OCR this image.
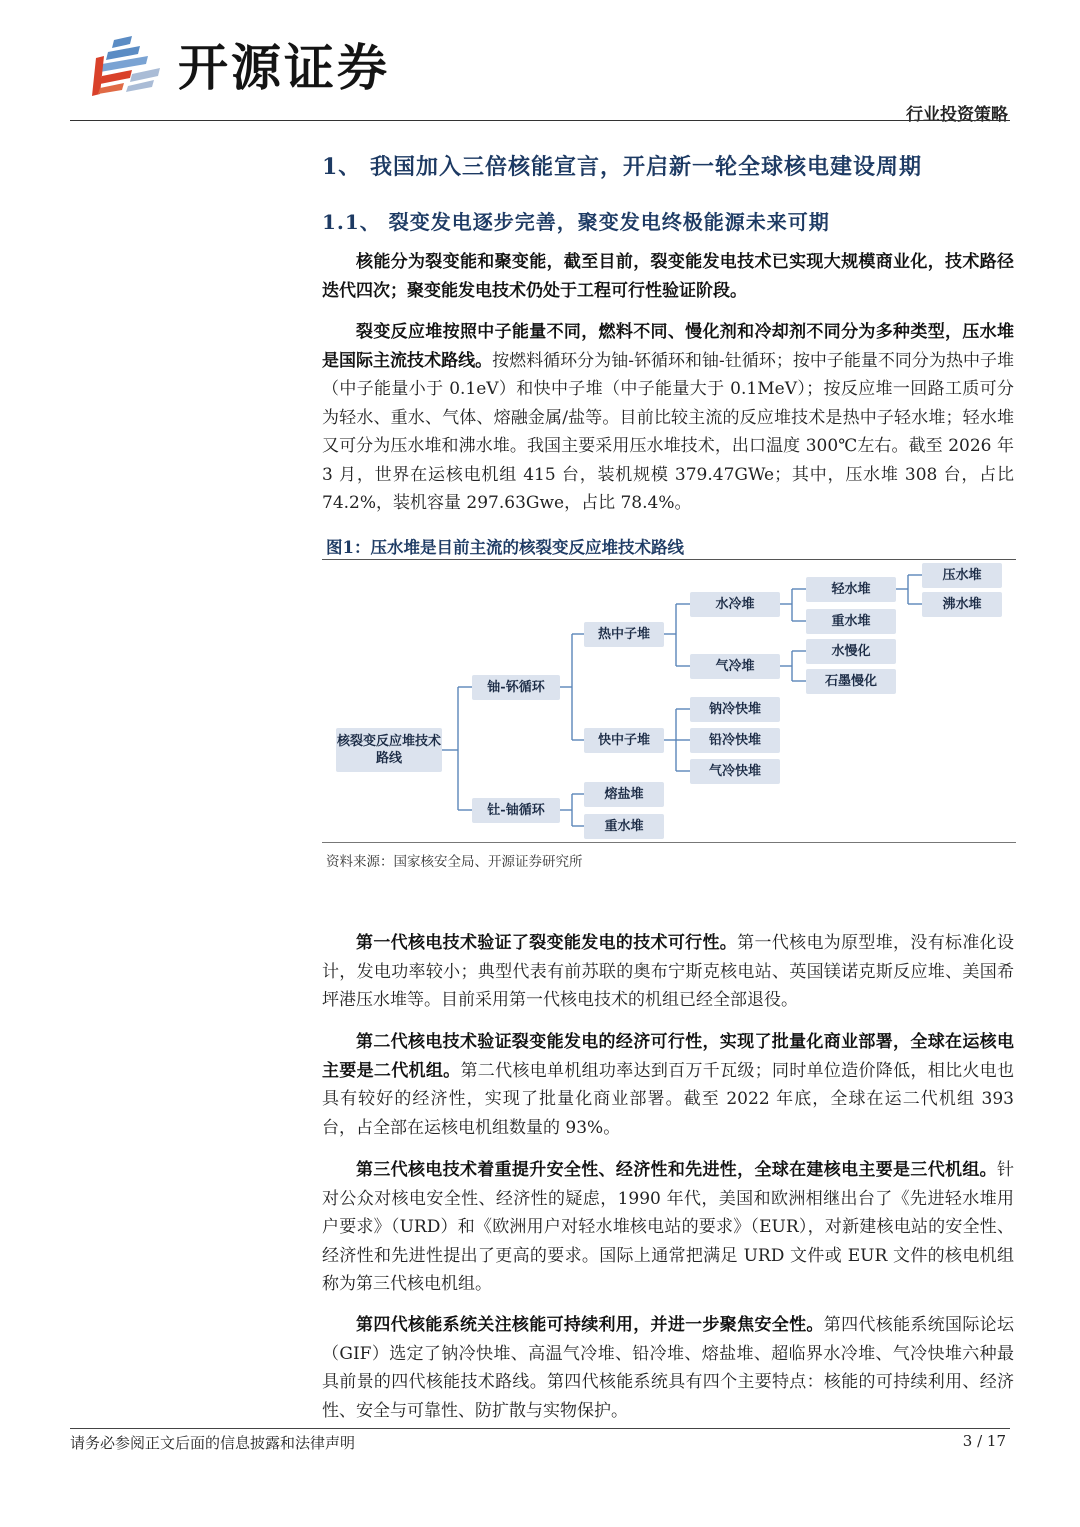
开源证券
行业投资策略
1、 我国加入三倍核能宣言，开启新一轮全球核电建设周期
1.1、 裂变发电逐步完善，聚变发电终极能源未来可期

核能分为裂变能和聚变能，截至目前，裂变能发电技术已实现大规模商业化，技术路径迭代四次；聚变能发电技术仍处于工程可行性验证阶段。

裂变反应堆按照中子能量不同，燃料不同、慢化剂和冷却剂不同分为多种类型，压水堆是国际主流技术路线。按燃料循环分为铀-钚循环和铀-钍循环；按中子能量不同分为热中子堆（中子能量小于 0.1eV）和快中子堆（中子能量大于 0.1MeV）；按反应堆一回路工质可分为轻水、重水、气体、熔融金属/盐等。目前比较主流的反应堆技术是热中子轻水堆；轻水堆又可分为压水堆和沸水堆。我国主要采用压水堆技术，出口温度 300℃左右。截至 2026 年 3 月，世界在运核电机组 415 台，装机规模 379.47GWe；其中，压水堆 308 台，占比 74.2%，装机容量 297.63Gwe，占比 78.4%。

图1：压水堆是目前主流的核裂变反应堆技术路线
核裂变反应堆技术路线
铀-钚循环
钍-铀循环
热中子堆
快中子堆
熔盐堆
重水堆
水冷堆
气冷堆
钠冷快堆
铅冷快堆
气冷快堆
轻水堆
重水堆
水慢化
石墨慢化
压水堆
沸水堆
资料来源：国家核安全局、开源证券研究所

第一代核电技术验证了裂变能发电的技术可行性。第一代核电为原型堆，没有标准化设计，发电功率较小；典型代表有前苏联的奥布宁斯克核电站、英国镁诺克斯反应堆、美国希坪港压水堆等。目前采用第一代核电技术的机组已经全部退役。

第二代核电技术验证裂变能发电的经济可行性，实现了批量化商业部署，全球在运核电主要是二代机组。第二代核电单机组功率达到百万千瓦级；同时单位造价降低，相比火电也具有较好的经济性，实现了批量化商业部署。截至 2022 年底，全球在运二代机组 393 台，占全部在运核电机组数量的 93%。

第三代核电技术着重提升安全性、经济性和先进性，全球在建核电主要是三代机组。针对公众对核电安全性、经济性的疑虑，1990 年代，美国和欧洲相继出台了《先进轻水堆用户要求》（URD）和《欧洲用户对轻水堆核电站的要求》（EUR），对新建核电站的安全性、经济性和先进性提出了更高的要求。国际上通常把满足 URD 文件或 EUR 文件的核电机组称为第三代核电机组。

第四代核能系统关注核能可持续利用，并进一步聚焦安全性。第四代核能系统国际论坛（GIF）选定了钠冷快堆、高温气冷堆、铅冷堆、熔盐堆、超临界水冷堆、气冷快堆六种最具前景的四代核能技术路线。第四代核能系统具有四个主要特点：核能的可持续利用、经济性、安全与可靠性、防扩散与实物保护。

请务必参阅正文后面的信息披露和法律声明	3 / 17
